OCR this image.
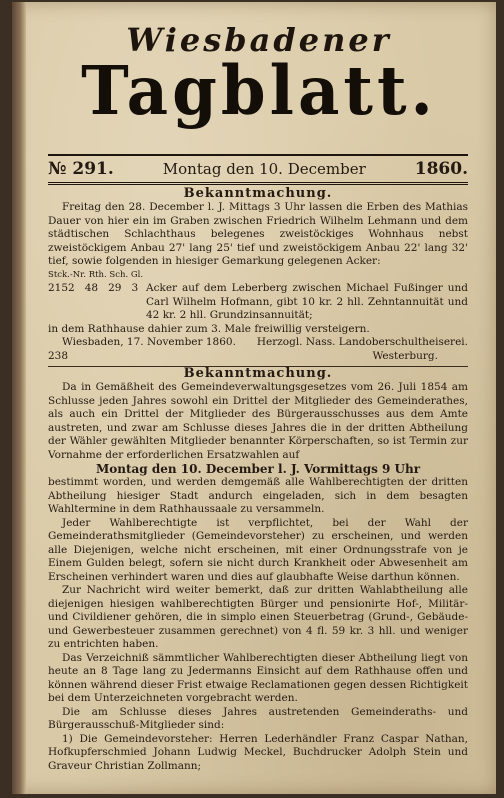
Wiesbadener
Tagblatt.
№ 291.	Montag den 10. December	1860.
Bekanntmachung.

Freitag den 28. December l. J. Mittags 3 Uhr lassen die Erben des Mathias Dauer von hier ein im Graben zwischen Friedrich Wilhelm Lehmann und dem städtischen Schlachthaus belegenes zweistöckiges Wohnhaus nebst zweistöckigem Anbau 27' lang 25' tief und zweistöckigem Anbau 22' lang 32' tief, sowie folgenden in hiesiger Gemarkung gelegenen Acker:

Stck.-Nr. Rth. Sch. Gl.
2152   48   29   3 Acker auf dem Leberberg zwischen Michael Fußinger und Carl Wilhelm Hofmann, gibt 10 kr. 2 hll. Zehntannuität und 42 kr. 2 hll. Grundzinsannuität;

in dem Rathhause dahier zum 3. Male freiwillig versteigern.

Wiesbaden, 17. November 1860. Herzogl. Nass. Landoberschultheiserei.
238	Westerburg.
Bekanntmachung.

Da in Gemäßheit des Gemeindeverwaltungsgesetzes vom 26. Juli 1854 am Schlusse jeden Jahres sowohl ein Drittel der Mitglieder des Gemeinderathes, als auch ein Drittel der Mitglieder des Bürgerausschusses aus dem Amte austreten, und zwar am Schlusse dieses Jahres die in der dritten Abtheilung der Wähler gewählten Mitglieder benannter Körperschaften, so ist Termin zur Vornahme der erforderlichen Ersatzwahlen auf

Montag den 10. December l. J. Vormittags 9 Uhr

bestimmt worden, und werden demgemäß alle Wahlberechtigten der dritten Abtheilung hiesiger Stadt andurch eingeladen, sich in dem besagten Wahltermine in dem Rathhaussaale zu versammeln.

Jeder Wahlberechtigte ist verpflichtet, bei der Wahl der Gemeinderathsmitglieder (Gemeindevorsteher) zu erscheinen, und werden alle Diejenigen, welche nicht erscheinen, mit einer Ordnungsstrafe von je Einem Gulden belegt, sofern sie nicht durch Krankheit oder Abwesenheit am Erscheinen verhindert waren und dies auf glaubhafte Weise darthun können.

Zur Nachricht wird weiter bemerkt, daß zur dritten Wahlabtheilung alle diejenigen hiesigen wahlberechtigten Bürger und pensionirte Hof-, Militär- und Civildiener gehören, die in simplo einen Steuerbetrag (Grund-, Gebäude- und Gewerbesteuer zusammen gerechnet) von 4 fl. 59 kr. 3 hll. und weniger zu entrichten haben.

Das Verzeichniß sämmtlicher Wahlberechtigten dieser Abtheilung liegt von heute an 8 Tage lang zu Jedermanns Einsicht auf dem Rathhause offen und können während dieser Frist etwaige Reclamationen gegen dessen Richtigkeit bei dem Unterzeichneten vorgebracht werden.

Die am Schlusse dieses Jahres austretenden Gemeinderaths- und Bürgerausschuß-Mitglieder sind:

1) Die Gemeindevorsteher: Herren Lederhändler Franz Caspar Nathan, Hofkupferschmied Johann Ludwig Meckel, Buchdrucker Adolph Stein und Graveur Christian Zollmann;
